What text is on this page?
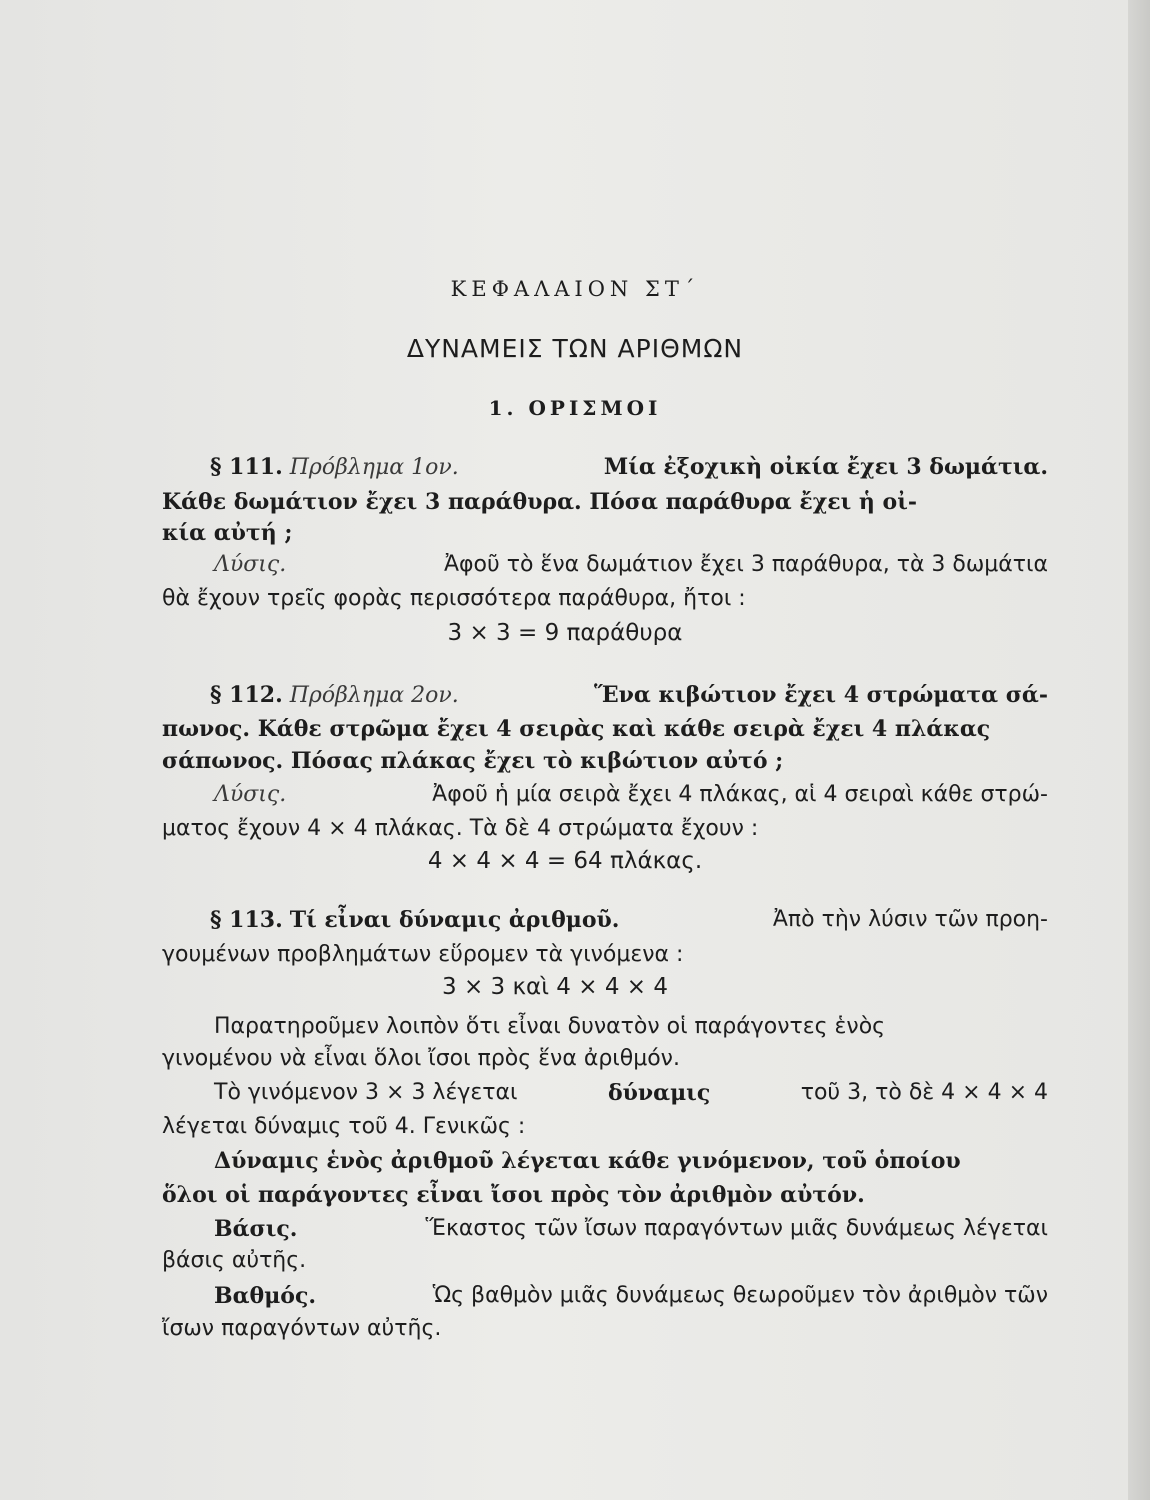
ΚΕΦΑΛΑΙΟΝ ΣΤ΄
ΔΥΝΑΜΕΙΣ ΤΩΝ ΑΡΙΘΜΩΝ
1. ΟΡΙΣΜΟΙ
§ 111. Πρόβλημα 1ον.	Μία ἐξοχικὴ οἰκία ἔχει 3 δωμάτια.
Κάθε δωμάτιον ἔχει 3 παράθυρα. Πόσα παράθυρα ἔχει ἡ οἰ-
κία αὐτή ;
Λύσις.	Ἀφοῦ τὸ ἕνα δωμάτιον ἔχει 3 παράθυρα, τὰ 3 δωμάτια
θὰ ἔχουν τρεῖς φορὰς περισσότερα παράθυρα, ἤτοι :
3 × 3 = 9 παράθυρα
§ 112. Πρόβλημα 2ον.	Ἕνα κιβώτιον ἔχει 4 στρώματα σά-
πωνος. Κάθε στρῶμα ἔχει 4 σειρὰς καὶ κάθε σειρὰ ἔχει 4 πλάκας
σάπωνος. Πόσας πλάκας ἔχει τὸ κιβώτιον αὐτό ;
Λύσις.	Ἀφοῦ ἡ μία σειρὰ ἔχει 4 πλάκας, αἱ 4 σειραὶ κάθε στρώ-
ματος ἔχουν 4 × 4 πλάκας. Τὰ δὲ 4 στρώματα ἔχουν :
4 × 4 × 4 = 64 πλάκας.
§ 113. Τί εἶναι δύναμις ἀριθμοῦ.	Ἀπὸ τὴν λύσιν τῶν προη-
γουμένων προβλημάτων εὕρομεν τὰ γινόμενα :
3 × 3 καὶ 4 × 4 × 4
Παρατηροῦμεν λοιπὸν ὅτι εἶναι δυνατὸν οἱ παράγοντες ἑνὸς
γινομένου νὰ εἶναι ὅλοι ἴσοι πρὸς ἕνα ἀριθμόν.
Τὸ γινόμενον 3 × 3 λέγεται	δύναμις	τοῦ 3, τὸ δὲ 4 × 4 × 4
λέγεται δύναμις τοῦ 4. Γενικῶς :
Δύναμις ἑνὸς ἀριθμοῦ λέγεται κάθε γινόμενον, τοῦ ὁποίου
ὅλοι οἱ παράγοντες εἶναι ἴσοι πρὸς τὸν ἀριθμὸν αὐτόν.
Βάσις.	Ἕκαστος τῶν ἴσων παραγόντων μιᾶς δυνάμεως λέγεται
βάσις αὐτῆς.
Βαθμός.	Ὡς βαθμὸν μιᾶς δυνάμεως θεωροῦμεν τὸν ἀριθμὸν τῶν
ἴσων παραγόντων αὐτῆς.
